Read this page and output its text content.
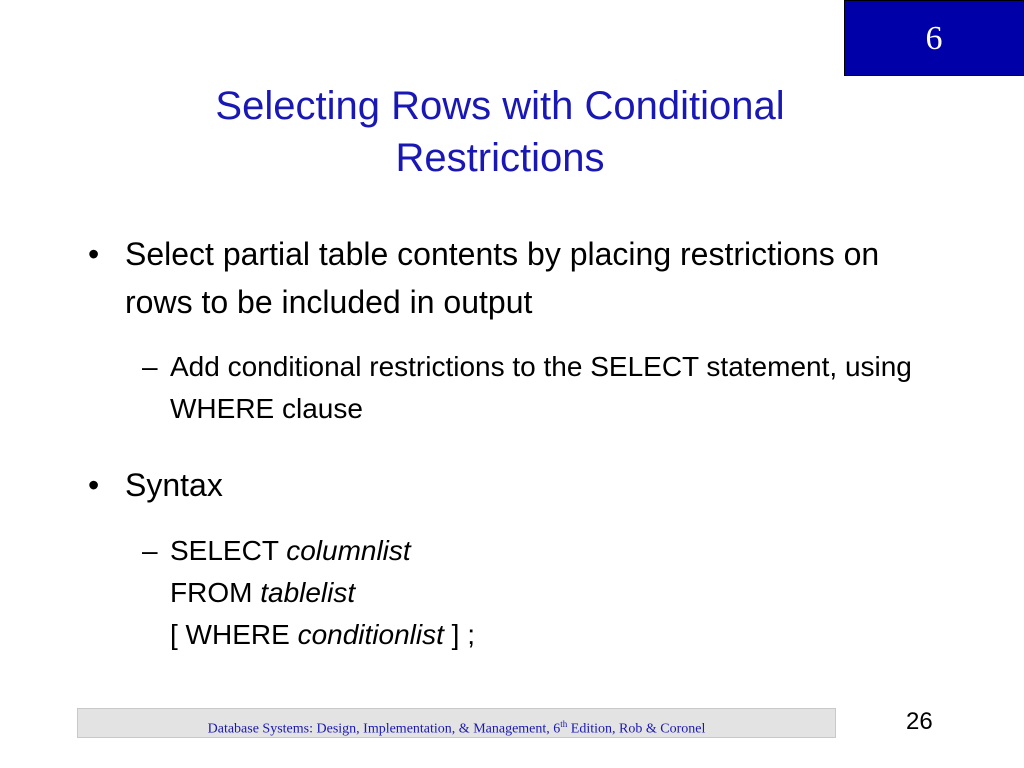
6
Selecting Rows with Conditional
Restrictions
• Select partial table contents by placing restrictions on rows to be included in output
– Add conditional restrictions to the SELECT statement, using WHERE clause
• Syntax
– SELECT columnlist
FROM tablelist
[ WHERE conditionlist ] ;
Database Systems: Design, Implementation, & Management, 6th Edition, Rob & Coronel	26
